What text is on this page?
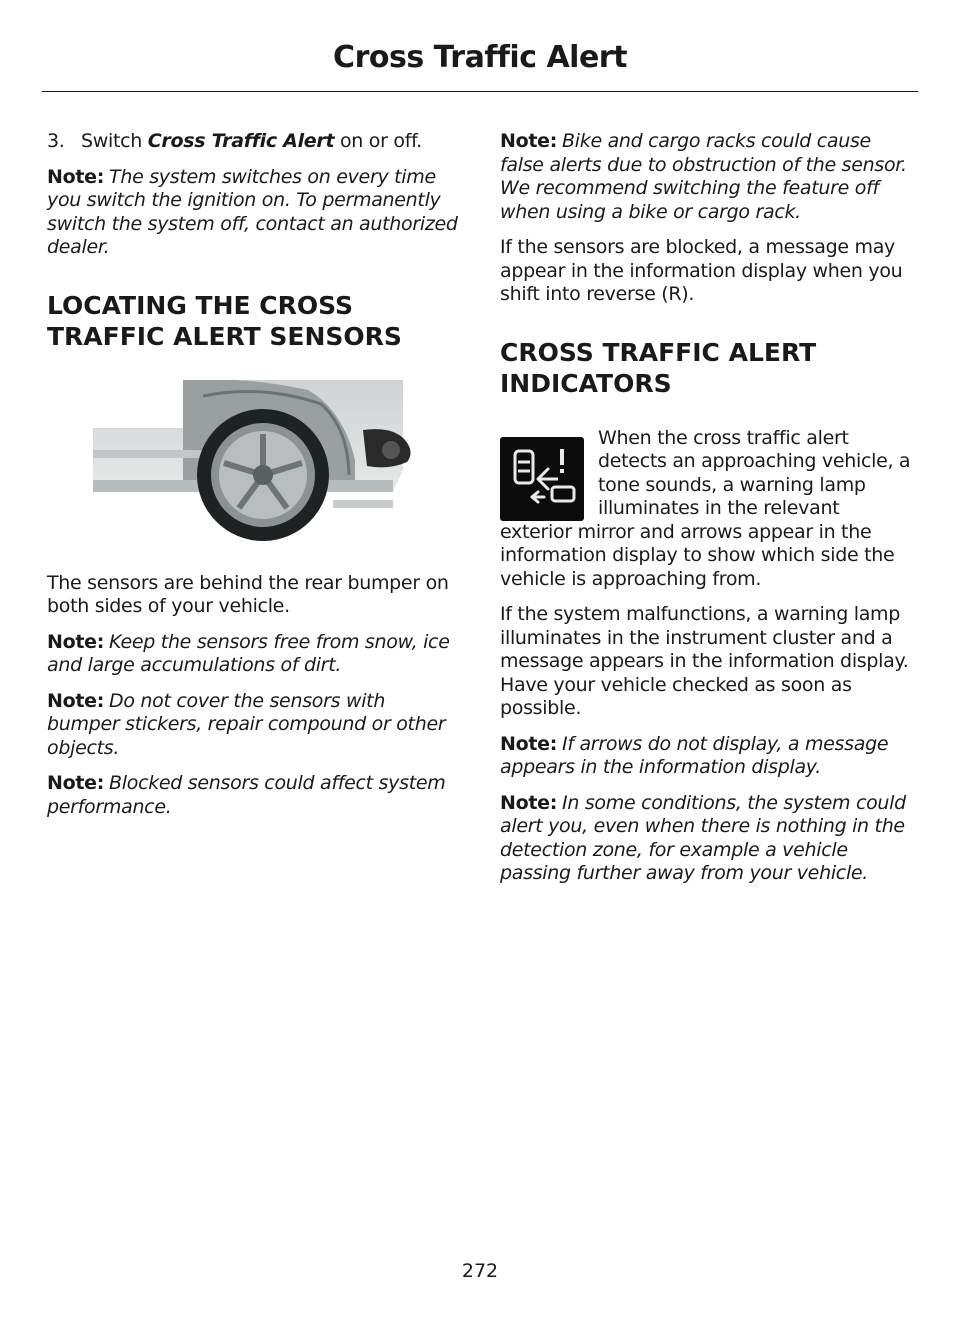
Cross Traffic Alert

3. Switch Cross Traffic Alert on or off.

Note: The system switches on every time you switch the ignition on. To permanently switch the system off, contact an authorized dealer.

LOCATING THE CROSS
TRAFFIC ALERT SENSORS

The sensors are behind the rear bumper on both sides of your vehicle.

Note: Keep the sensors free from snow, ice and large accumulations of dirt.

Note: Do not cover the sensors with bumper stickers, repair compound or other objects.

Note: Blocked sensors could affect system performance.

Note: Bike and cargo racks could cause false alerts due to obstruction of the sensor. We recommend switching the feature off when using a bike or cargo rack.

If the sensors are blocked, a message may appear in the information display when you shift into reverse (R).

CROSS TRAFFIC ALERT
INDICATORS

When the cross traffic alert detects an approaching vehicle, a tone sounds, a warning lamp illuminates in the relevant exterior mirror and arrows appear in the information display to show which side the vehicle is approaching from.

If the system malfunctions, a warning lamp illuminates in the instrument cluster and a message appears in the information display. Have your vehicle checked as soon as possible.

Note: If arrows do not display, a message appears in the information display.

Note: In some conditions, the system could alert you, even when there is nothing in the detection zone, for example a vehicle passing further away from your vehicle.

272
